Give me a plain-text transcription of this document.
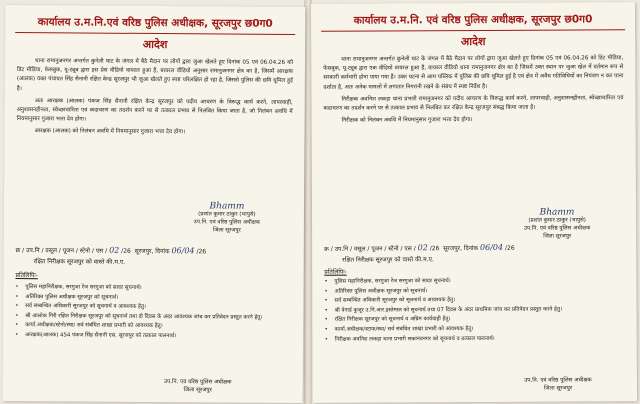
कार्यालय उ.म.नि.एवं वरिष्ठ पुलिस अधीक्षक, सूरजपुर छ0ग0
आदेश

थाना रामानुजनगर अन्तर्गत कुनेली घाट के जंगल में बैठे मैदान पर लोगों द्वारा जुआ खेलते हुए दिनांक 05 एवं 06.04.26 को डिट मीडिया, फेसबुक, यू-ट्यूब द्वारा इस प्रेस वीडियो वायरल हुआ है, बायरल वीडियो अनुसार रामानुजनगर क्षेत्र का है, जिसमें आरक्षक (आलक) वक्त पंचायत सिंह सैनानी रक्षित केन्द्र सूरजपुर भी जुआ खेलते हुए स्पष्ट परिलक्षित हो रहा है, जिससे पुलिस की छवि धूमिल हुई है।

अतः आरक्षक (आलक) पंकज सिंह सैनानी रक्षित केन्द्र सूरजपुर को पदीय आचरण के विरूद्ध कार्य करने, लापरवाही, अनुशासनहीनता, स्वेच्छाचारिता एवं कदाचरण का तदर्शन करने पर से तत्काल प्रभाव से निलंबित किया जाता है, जो निलंबन अवधि में नियमानुसार गुजारा भत्ता देय होगा।

आरक्षक (आलक) को निलंबन अवधि में नियमानुसार गुजारा भत्ता देय होगा।

Bhamm
(प्रशांत कुमार ठाकुर (भापुसे)
उप.नि. एवं वरिष्ठ पुलिस अधीक्षक
जिला सूरजपुर
क्र / उप.नि / वसूल / पूजन / स्टेनो / एस / 02 /26 सूरजपुर, दिनांक 06/04 /26
रक्षित निरीक्षक सूरजपुर को वास्ते की.म.ए.
प्रतिलिपिः-
• पुलिस महानिरीक्षक, सरगुजा रेंज सरगुजा को सादर सूचनार्थ।
• अतिरिक्त पुलिस अधीक्षक सूरजपुर को सूचनार्थ।
• सर्व सम्बन्धित अधिकारी सूरजपुर को सूचनार्थ व आवश्यक हेतु।
• श्री आलोक गिरी रक्षित निरीक्षक सूरजपुर को सूचनार्थ तथा दो दिवस के अंदर आवश्यक जांच कर प्रतिवेदन प्रस्तुत करने हेतु।
• कार्या.अधीक्षक/स्टेनो/स्था/ सर्व संबंधित शाखा प्रभारी को आवश्यक हेतु।
• आरक्षक(आलक) 454 पंकज सिंह सैनानी एस. सूरजपुर को तत्काल पालनार्थ।
उप.नि. एवं वरिष्ठ पुलिस अधीक्षक
जिला सूरजपुर
कार्यालय उ.म.नि. एवं वरिष्ठ पुलिस अधीक्षक, सूरजपुर छ0ग0
आदेश

थाना रामानुजनगर अन्तर्गत कुनेली घाट के जंगल में बैठे मैदान पर लोगों द्वारा जुआ खेलते हुए दिनांक 05 एवं 06.04.26 को डिट मीडिया, फेसबुक, यू-ट्यूब द्वारा एक वीडियो वायरल हुआ है, वायरल वीडियो थाना रामानुजनगर क्षेत्र का है जिसमें उक्त स्थान पर जुआ खेल में वर्तमान रूप से सरकारी कर्मचारी होना पाया गया है। उक्त घटना से आम पब्लिक में पुलिस की छवि धूमिल हुई है एवं क्षेत्र में अवैध गतिविधियों का नियंत्रण न कर पाना दर्शाता है, अतः अनेक मामलों में लगातार निगरानी रखने के संबंध में स्पष्ट निर्देश है।

निरीक्षक अवनिश लकड़ा थाना प्रभारी रामानुजनगर को पदीय आचरण के विरूद्ध कार्य करने, लापरवाही, अनुशासनहीनता, स्वेच्छाचारिता एवं कदाचरण का तदर्शन करने पर से तत्काल प्रभाव से निलंबित कर रक्षित केन्द्र सूरजपुर संबद्ध किया जाता है।

निरीक्षक को निलंबन अवधि में नियमानुसार गुजारा भत्ता देय होगा।

Bhamm
(प्रशांत कुमार ठाकुर (भापुसे)
उप.नि. एवं वरिष्ठ पुलिस अधीक्षक
जिला सूरजपुर
क्र / उप.नि / वसूल / पूजन / स्टेनो / एस / 02 /26 सूरजपुर, दिनांक 06/04 /26
रक्षित निरीक्षक सूरजपुर को वास्ते की.म.ए.
प्रतिलिपिः-
• पुलिस महानिरीक्षक, सरगुजा रेंज सरगुजा को सादर सूचनार्थ।
• अतिरिक्त पुलिस अधीक्षक सूरजपुर को सूचनार्थ।
• सर्व सम्बन्धित अधिकारी सूरजपुर को सूचनार्थ व आवश्यक हेतु।
• श्री वेनार्ड कुजूर उ.नि.आर.इस्तेमाल को सूचनार्थ तथा 07 दिवस के अंदर प्राथमिक जांच कर प्रतिवेदन प्रस्तुत करने हेतु।
• रक्षित निरीक्षक सूरजपुर को सूचनार्थ व अग्रिम कार्यवाही हेतु।
• कार्या.अधीक्षक/स्टाफ/स्था/ सर्व संबंधित शाखा प्रभारी को आवश्यक हेतु।
• निरीक्षक अवनिश लकड़ा थाना प्रभारी सकानवनगर को सूचनार्थ व तत्काल पालनार्थ।
उप.नि. एवं वरिष्ठ पुलिस अधीक्षक
जिला सूरजपुर
